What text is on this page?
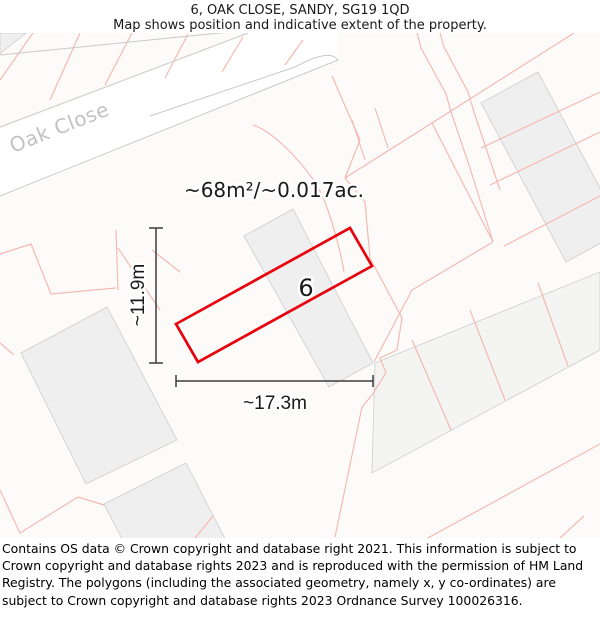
6, OAK CLOSE, SANDY, SG19 1QD
Map shows position and indicative extent of the property.
Oak Close
~68m²/~0.017ac.
6
~17.3m
~11.9m
Contains OS data © Crown copyright and database right 2021. This information is subject to Crown copyright and database rights 2023 and is reproduced with the permission of HM Land Registry. The polygons (including the associated geometry, namely x, y co-ordinates) are subject to Crown copyright and database rights 2023 Ordnance Survey 100026316.
